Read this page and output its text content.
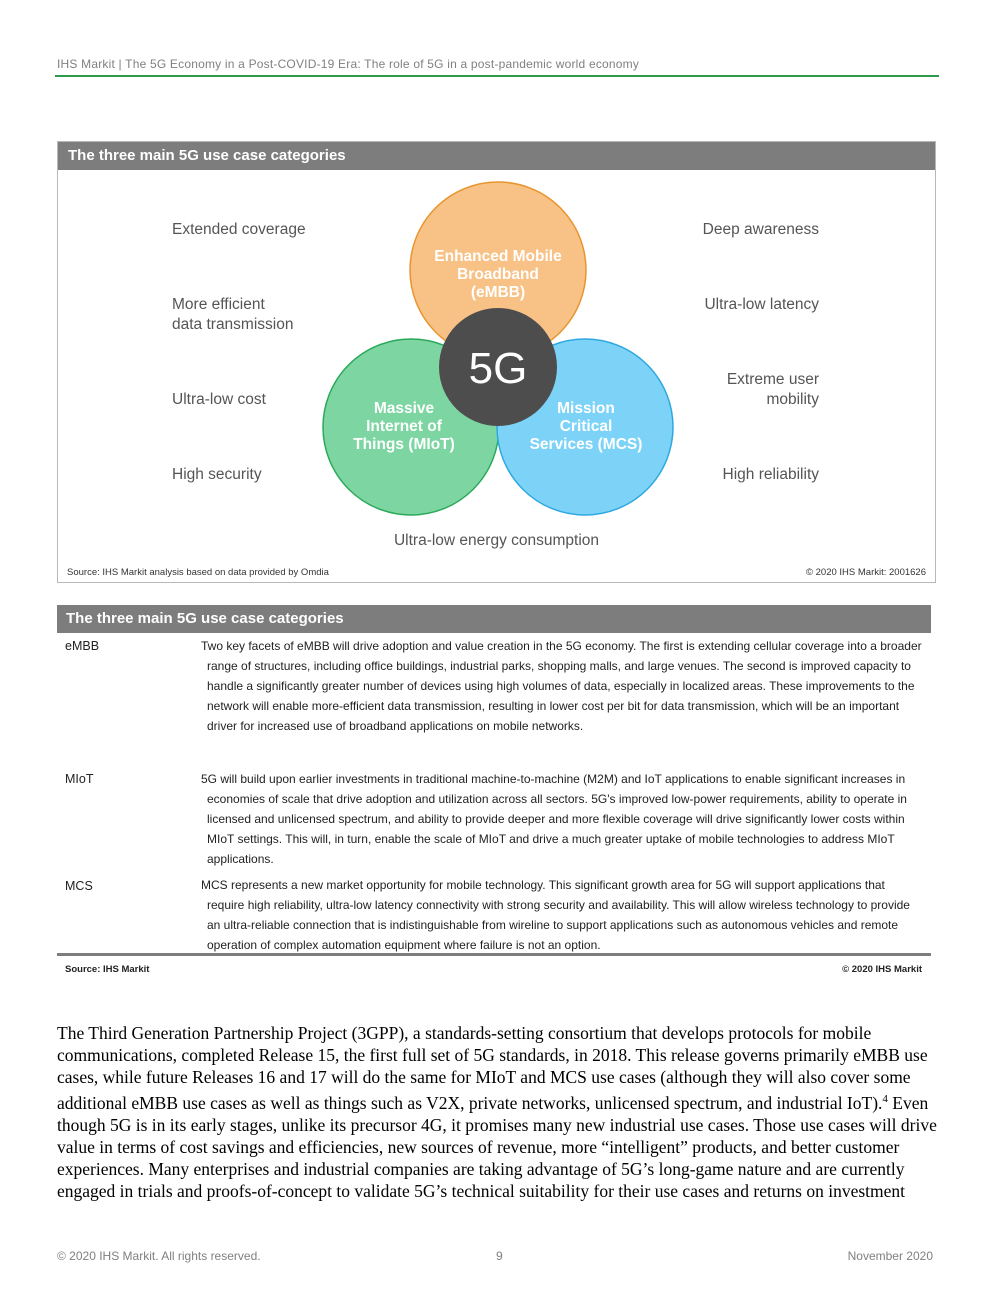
IHS Markit | The 5G Economy in a Post-COVID-19 Era: The role of 5G in a post-pandemic world economy
The three main 5G use case categories
5G
Enhanced Mobile
Broadband
(eMBB)
Massive
Internet of
Things (MIoT)
Mission
Critical
Services (MCS)
Extended coverage
More efficient
data transmission
Ultra-low cost
High security
Deep awareness
Ultra-low latency
Extreme user
mobility
High reliability
Ultra-low energy consumption
Source: IHS Markit analysis based on data provided by Omdia	© 2020 IHS Markit: 2001626
The three main 5G use case categories
eMBB	Two key facets of eMBB will drive adoption and value creation in the 5G economy. The first is extending cellular coverage into a broader range of structures, including office buildings, industrial parks, shopping malls, and large venues. The second is improved capacity to handle a significantly greater number of devices using high volumes of data, especially in localized areas. These improvements to the network will enable more-efficient data transmission, resulting in lower cost per bit for data transmission, which will be an important driver for increased use of broadband applications on mobile networks.
MIoT	5G will build upon earlier investments in traditional machine-to-machine (M2M) and IoT applications to enable significant increases in economies of scale that drive adoption and utilization across all sectors. 5G's improved low-power requirements, ability to operate in licensed and unlicensed spectrum, and ability to provide deeper and more flexible coverage will drive significantly lower costs within MIoT settings. This will, in turn, enable the scale of MIoT and drive a much greater uptake of mobile technologies to address MIoT applications.
MCS	MCS represents a new market opportunity for mobile technology. This significant growth area for 5G will support applications that require high reliability, ultra-low latency connectivity with strong security and availability. This will allow wireless technology to provide an ultra-reliable connection that is indistinguishable from wireline to support applications such as autonomous vehicles and remote operation of complex automation equipment where failure is not an option.
Source: IHS Markit	© 2020 IHS Markit
The Third Generation Partnership Project (3GPP), a standards-setting consortium that develops protocols for mobile communications, completed Release 15, the first full set of 5G standards, in 2018. This release governs primarily eMBB use cases, while future Releases 16 and 17 will do the same for MIoT and MCS use cases (although they will also cover some additional eMBB use cases as well as things such as V2X, private networks, unlicensed spectrum, and industrial IoT).$^4$ Even though 5G is in its early stages, unlike its precursor 4G, it promises many new industrial use cases. Those use cases will drive value in terms of cost savings and efficiencies, new sources of revenue, more “intelligent” products, and better customer experiences. Many enterprises and industrial companies are taking advantage of 5G’s long-game nature and are currently engaged in trials and proofs-of-concept to validate 5G’s technical suitability for their use cases and returns on investment
© 2020 IHS Markit. All rights reserved.	9	November 2020
